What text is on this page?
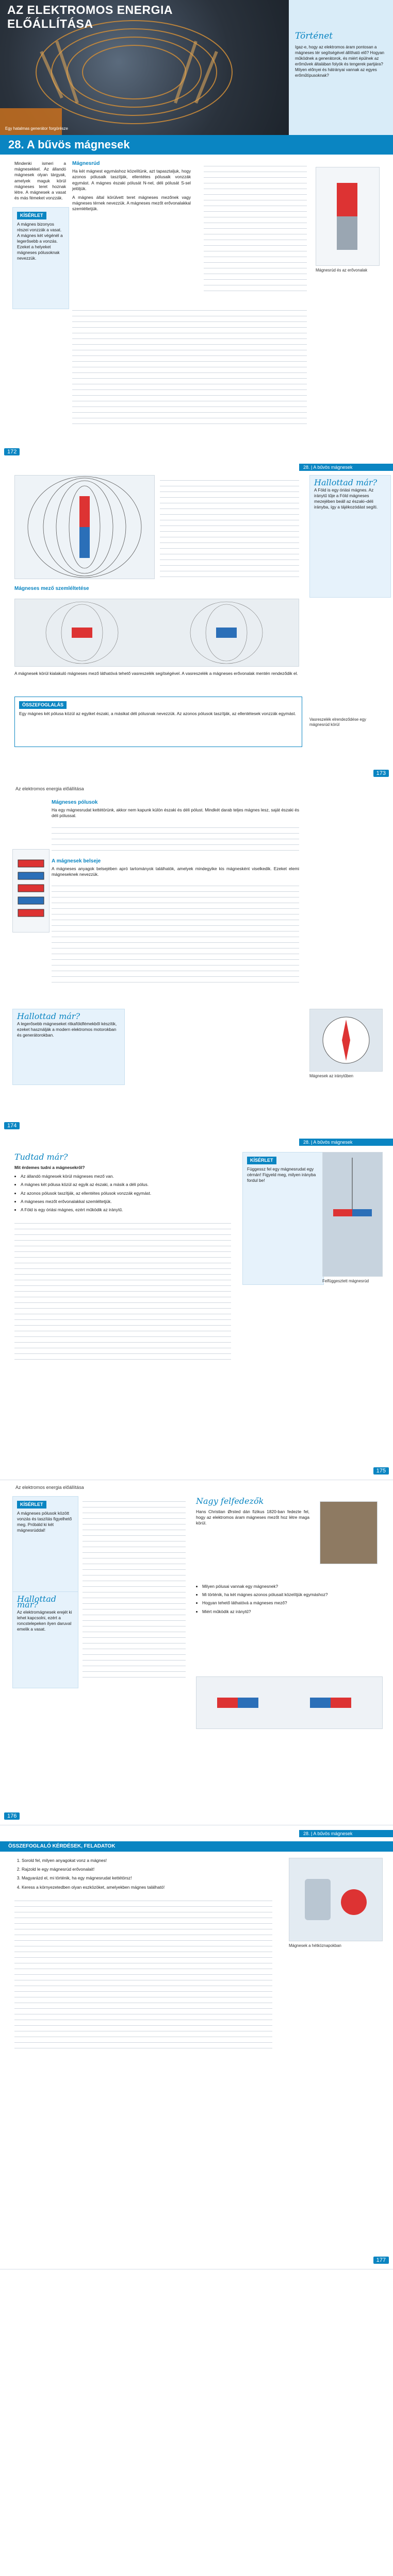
AZ ELEKTROMOS ENERGIA
ELŐÁLLÍTÁSA
Egy hatalmas generátor forgórésze
Történet
Igaz-e, hogy az elektromos áram pontosan a mágneses tér segítségével állítható elő? Hogyan működnek a generátorok, és miért épülnek az erőművek általában folyók és tengerek partjára? Milyen előnyei és hátrányai vannak az egyes erőműtípusoknak?
28. A bűvös mágnesek

Mindenki ismeri a mágnesekkel. Az állandó mágnesek olyan tárgyak, amelyek maguk körül mágneses teret hoznak létre. A mágnesek a vasat és más fémeket vonzzák.

KÍSÉRLET
A mágnes bizonyos részei vonzzák a vasat. A mágnes két végénél a legerősebb a vonzás. Ezeket a helyeket mágneses pólusoknak nevezzük.
Mágnesrúd

Ha két mágnest egymáshoz közelítünk, azt tapasztaljuk, hogy azonos pólusaik taszítják, ellentétes pólusaik vonzzák egymást. A mágnes északi pólusát N-nel, déli pólusát S-sel jelöljük.

A mágnes által körülvett teret mágneses mezőnek vagy mágneses térnek nevezzük. A mágneses mezőt erővonalakkal szemléltetjük.

Mágnesrúd és az erővonalak
172
28. | A bűvös mágnesek
Hallottad már?
A Föld is egy óriási mágnes. Az iránytű tűje a Föld mágneses mezejében beáll az északi–déli irányba, így a tájékozódást segíti.
Mágneses mező szemléltetése

A mágnesek körül kialakuló mágneses mező láthatóvá tehető vasreszelék segítségével. A vasreszelék a mágneses erővonalak mentén rendeződik el.

ÖSSZEFOGLALÁS
Egy mágnes két pólusa közül az egyiket északi, a másikat déli pólusnak nevezzük. Az azonos pólusok taszítják, az ellentétesek vonzzák egymást.
Vasreszelék elrendeződése egy mágnesrúd körül
173
Az elektromos energia előállítása
Mágneses pólusok

Ha egy mágnesrudat kettétörünk, akkor nem kapunk külön északi és déli pólust. Mindkét darab teljes mágnes lesz, saját északi és déli pólussal.

A mágnesek belseje

A mágneses anyagok belsejében apró tartományok találhatók, amelyek mindegyike kis mágnesként viselkedik. Ezeket elemi mágneseknek nevezzük.

Hallottad már?
A legerősebb mágneseket ritkaföldfémekből készítik, ezeket használják a modern elektromos motorokban és generátorokban.
Mágnesek az iránytűben
174
28. | A bűvös mágnesek
Tudtad már?

Mit érdemes tudni a mágnesekről?

• Az állandó mágnesek körül mágneses mező van.
• A mágnes két pólusa közül az egyik az északi, a másik a déli pólus.
• Az azonos pólusok taszítják, az ellentétes pólusok vonzzák egymást.
• A mágneses mezőt erővonalakkal szemléltetjük.
• A Föld is egy óriási mágnes, ezért működik az iránytű.
KÍSÉRLET
Függessz fel egy mágnesrudat egy cérnán! Figyeld meg, milyen irányba fordul be!
Felfüggesztett mágnesrúd
175
Az elektromos energia előállítása
KÍSÉRLET
A mágneses pólusok között vonzás és taszítás figyelhető meg. Próbáld ki két mágnesrúddal!
Hallottad már?
Az elektromágnesek erejét ki lehet kapcsolni, ezért a roncstelepeken ilyen daruval emelik a vasat.
Nagy felfedezők

Hans Christian Ørsted dán fizikus 1820-ban fedezte fel, hogy az elektromos áram mágneses mezőt hoz létre maga körül.

• Milyen pólusai vannak egy mágnesnek?
• Mi történik, ha két mágnes azonos pólusait közelítjük egymáshoz?
• Hogyan tehető láthatóvá a mágneses mező?
• Miért működik az iránytű?
176
28. | A bűvös mágnesek
ÖSSZEFOGLALÓ KÉRDÉSEK, FELADATOK
1. Sorold fel, milyen anyagokat vonz a mágnes!
2. Rajzold le egy mágnesrúd erővonalait!
3. Magyarázd el, mi történik, ha egy mágnesrudat kettétörsz!
4. Keress a környezetedben olyan eszközöket, amelyekben mágnes található!
Mágnesek a hétköznapokban
177
